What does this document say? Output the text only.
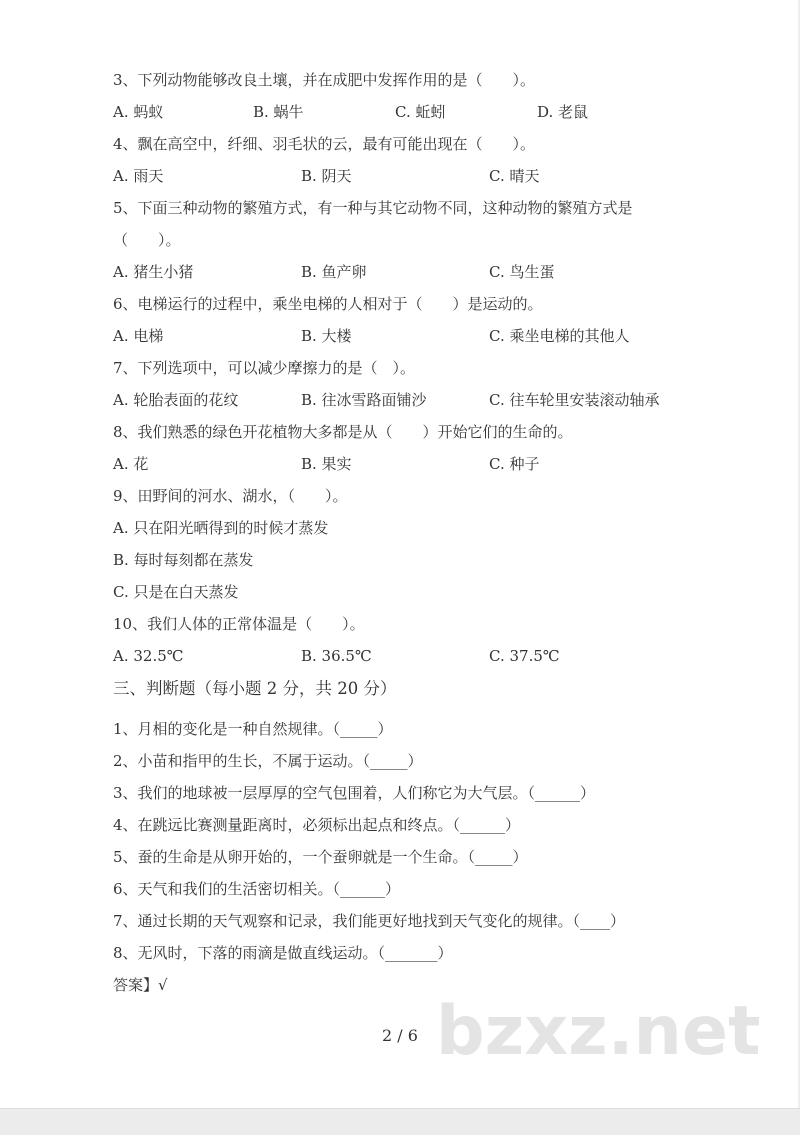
bzxz.net
3、下列动物能够改良土壤，并在成肥中发挥作用的是（　　）。
A. 蚂蚁	B. 蜗牛	C. 蚯蚓	D. 老鼠
4、飘在高空中，纤细、羽毛状的云，最有可能出现在（　　）。
A. 雨天	B. 阴天	C. 晴天
5、下面三种动物的繁殖方式，有一种与其它动物不同，这种动物的繁殖方式是
（　　）。
A. 猪生小猪	B. 鱼产卵	C. 鸟生蛋
6、电梯运行的过程中，乘坐电梯的人相对于（　　）是运动的。
A. 电梯	B. 大楼	C. 乘坐电梯的其他人
7、下列选项中，可以减少摩擦力的是（　）。
A. 轮胎表面的花纹	B. 往冰雪路面铺沙	C. 往车轮里安装滚动轴承
8、我们熟悉的绿色开花植物大多都是从（　　）开始它们的生命的。
A. 花	B. 果实	C. 种子
9、田野间的河水、湖水，（　　）。
A. 只在阳光晒得到的时候才蒸发
B. 每时每刻都在蒸发
C. 只是在白天蒸发
10、我们人体的正常体温是（　　）。
A. 32.5℃	B. 36.5℃	C. 37.5℃
三、判断题（每小题 2 分，共 20 分）
1、月相的变化是一种自然规律。（_____）
2、小苗和指甲的生长，不属于运动。（_____）
3、我们的地球被一层厚厚的空气包围着，人们称它为大气层。（______）
4、在跳远比赛测量距离时，必须标出起点和终点。（______）
5、蚕的生命是从卵开始的，一个蚕卵就是一个生命。（_____）
6、天气和我们的生活密切相关。（______）
7、通过长期的天气观察和记录，我们能更好地找到天气变化的规律。（____）
8、无风时，下落的雨滴是做直线运动。（_______）
答案】√
2 / 6
